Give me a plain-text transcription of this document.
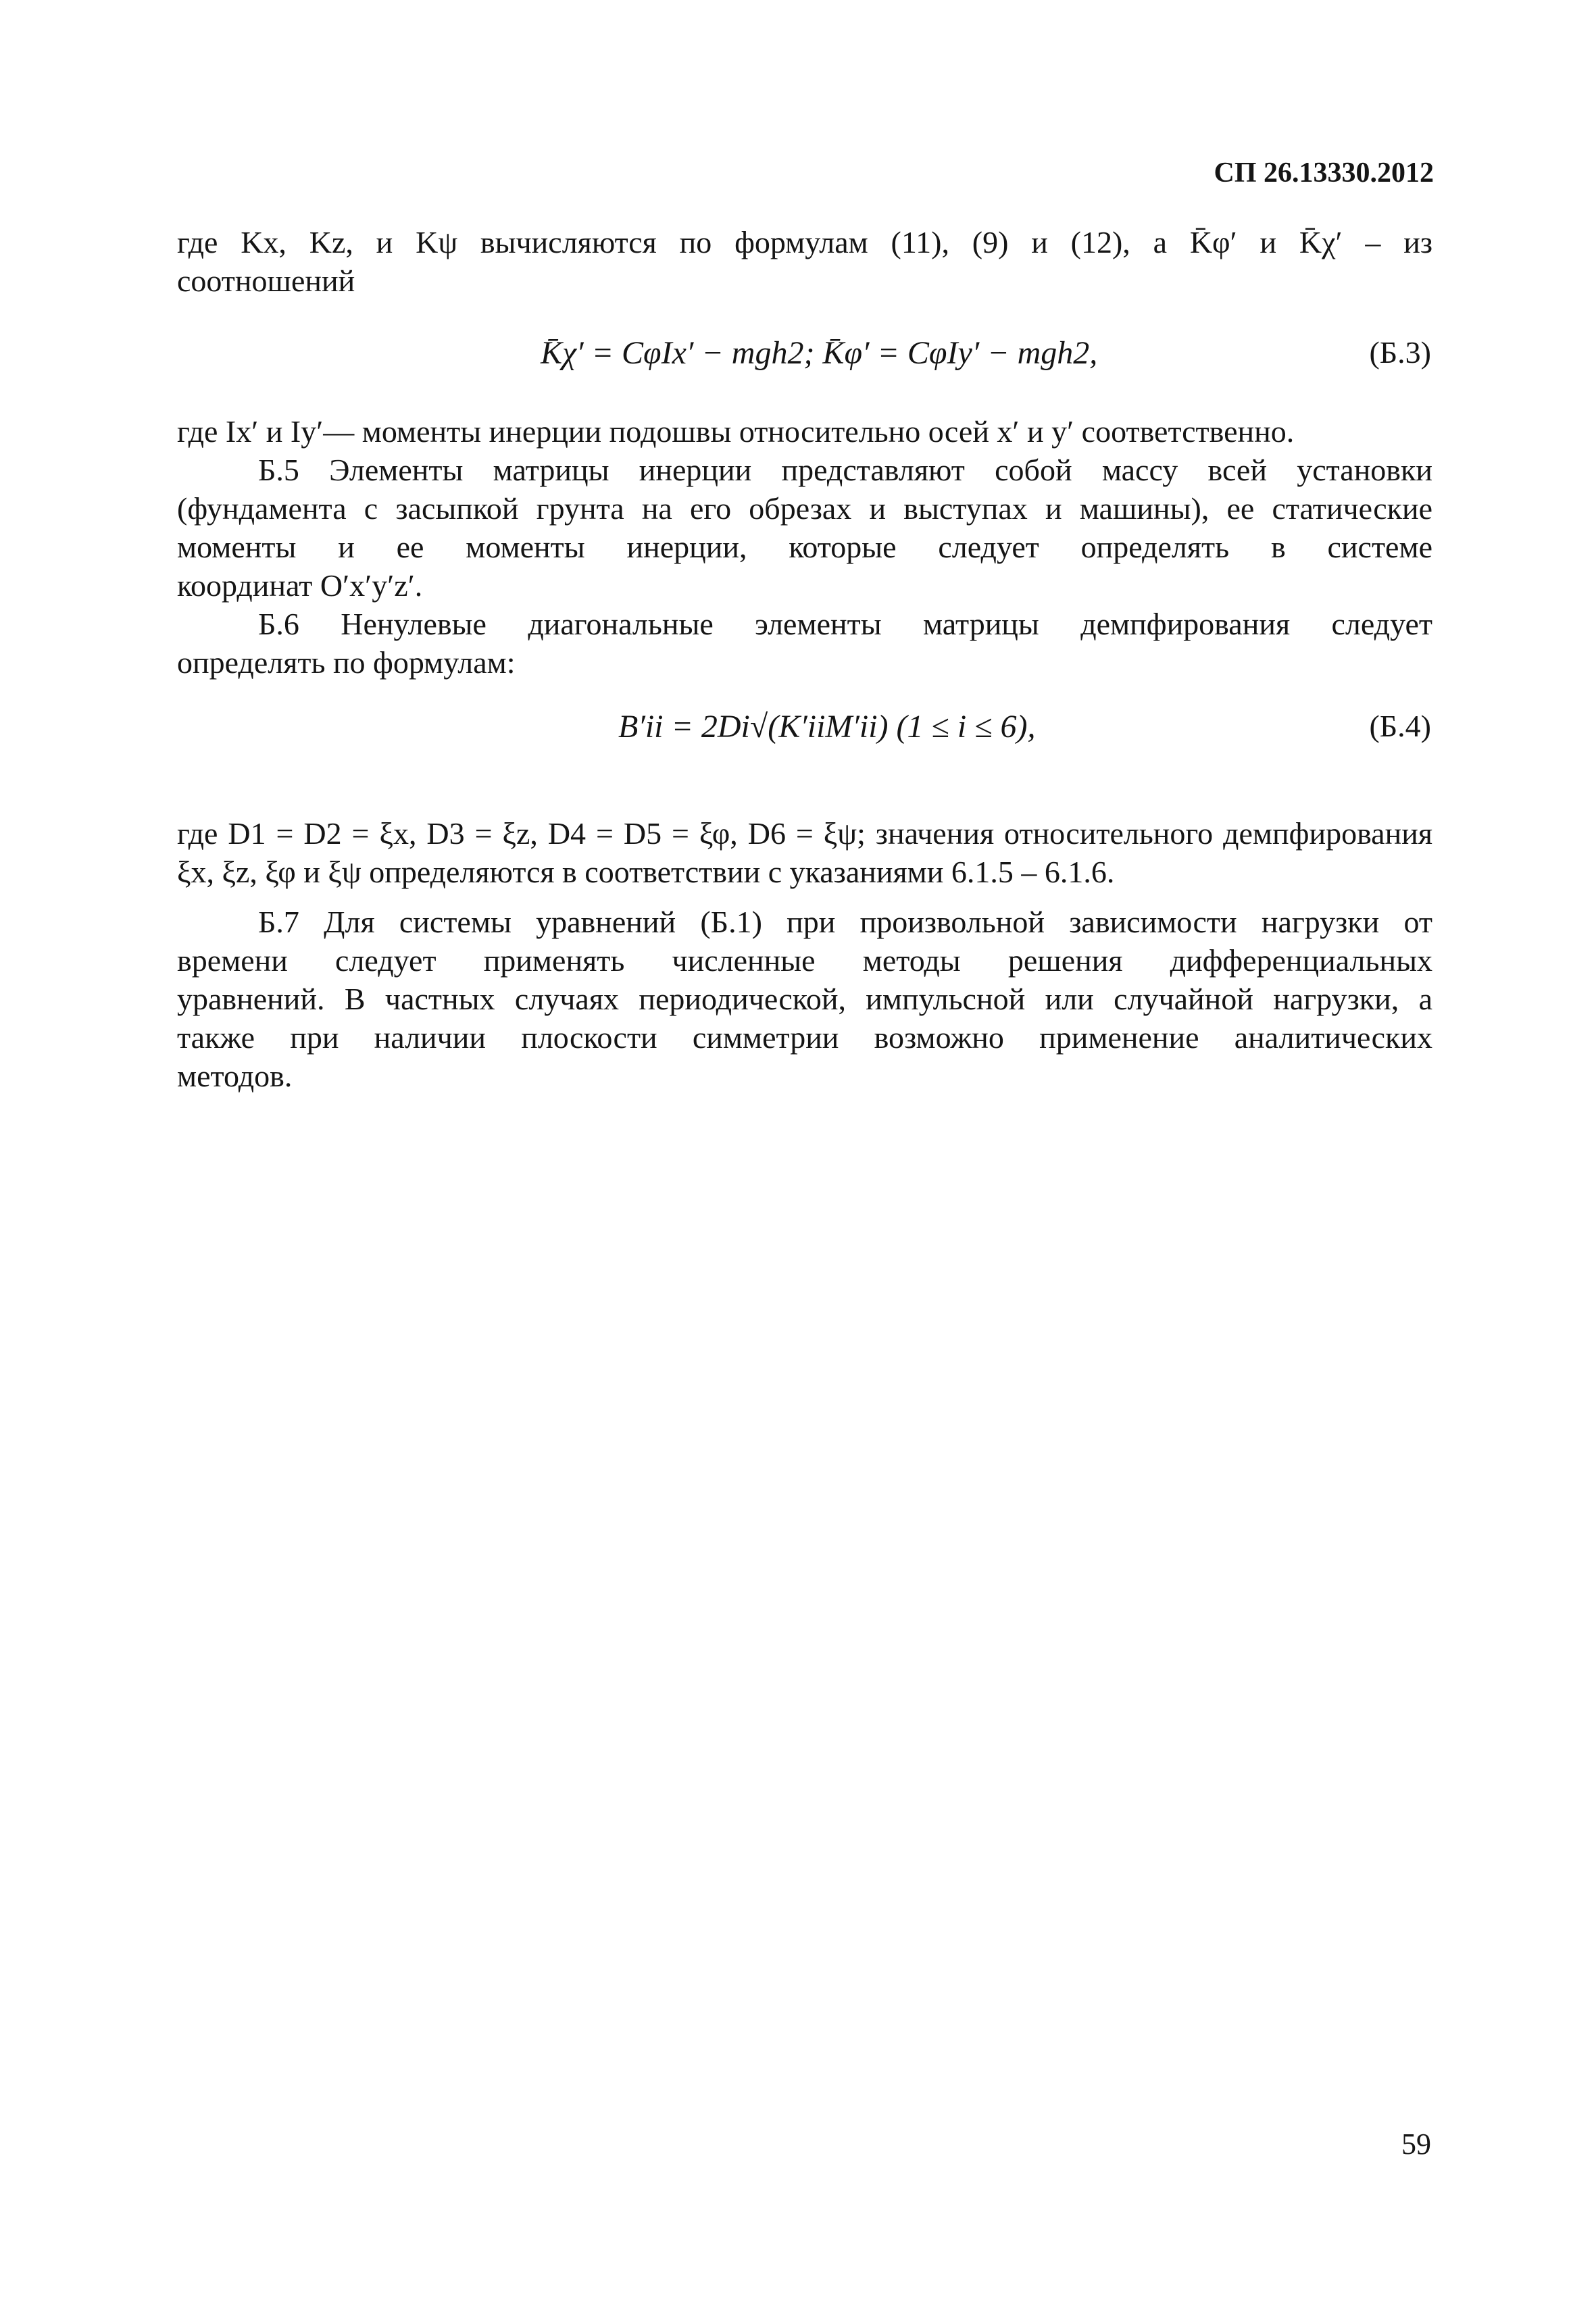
СП 26.13330.2012
где Kx, Kz, и Kψ вычисляются по формулам (11), (9) и (12), а K̄φ′ и K̄χ′ – из
соотношений
K̄χ′ = CφIx′ − mgh2; K̄φ′ = CφIy′ − mgh2,	(Б.3)
где Ix′ и Iy′— моменты инерции подошвы относительно осей x′ и y′ соответственно.
Б.5 Элементы матрицы инерции представляют собой массу всей установки
(фундамента с засыпкой грунта на его обрезах и выступах и машины), ее статические
моменты и ее моменты инерции, которые следует определять в системе
координат O′x′y′z′.
Б.6 Ненулевые диагональные элементы матрицы демпфирования следует
определять по формулам:
B′ii = 2Di√(K′iiM′ii) (1 ≤ i ≤ 6),	(Б.4)
где D1 = D2 = ξx, D3 = ξz, D4 = D5 = ξφ, D6 = ξψ; значения относительного демпфирования
ξx, ξz, ξφ и ξψ определяются в соответствии с указаниями 6.1.5 – 6.1.6.
Б.7 Для системы уравнений (Б.1) при произвольной зависимости нагрузки от
времени следует применять численные методы решения дифференциальных
уравнений. В частных случаях периодической, импульсной или случайной нагрузки, а
также при наличии плоскости симметрии возможно применение аналитических
методов.
59
